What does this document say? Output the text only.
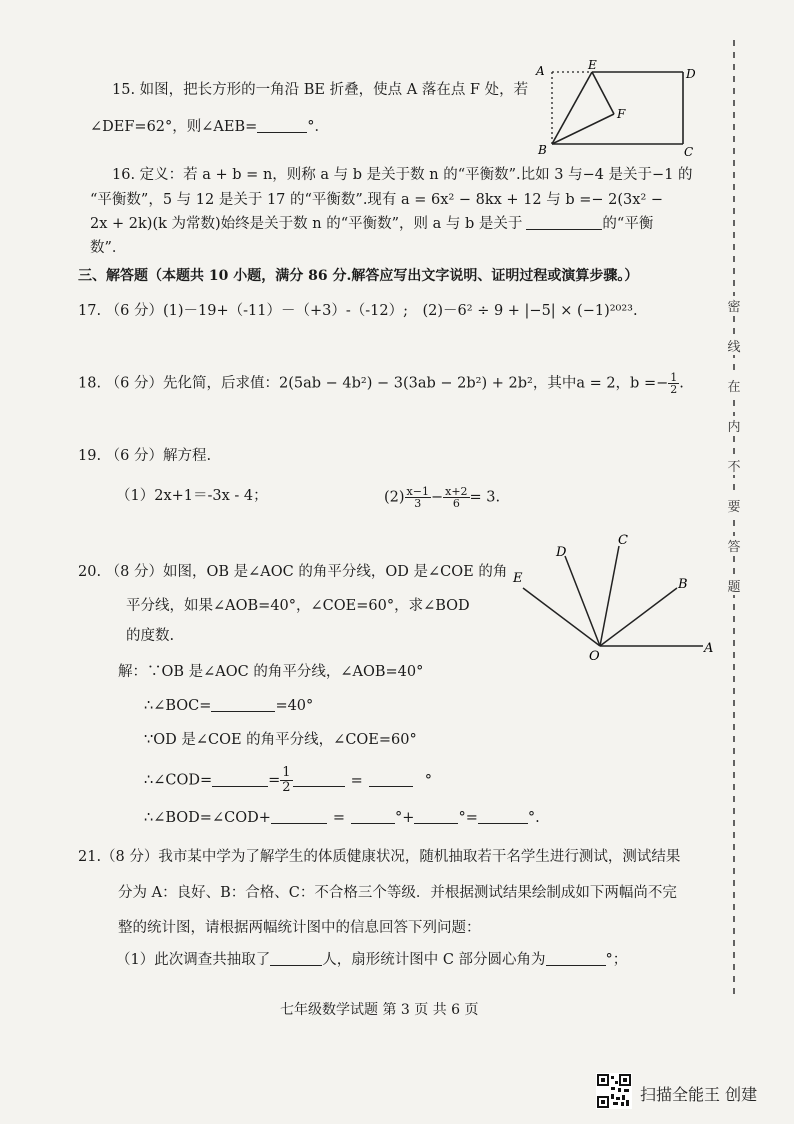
密
线
在
内
不
要
答
题
15. 如图，把长方形的一角沿 BE 折叠，使点 A 落在点 F 处，若
∠DEF=62°，则∠AEB=	°．
A	E
D
F
B	C
16. 定义：若 a + b = n，则称 a 与 b 是关于数 n 的“平衡数”.比如 3 与−4 是关于−1 的
“平衡数”，5 与 12 是关于 17 的“平衡数”.现有 a = 6x² − 8kx + 12 与 b =− 2(3x² −
2x + 2k)(k 为常数)始终是关于数 n 的“平衡数”，则 a 与 b 是关于	的“平衡
数”．
三、解答题（本题共 10 小题，满分 86 分.解答应写出文字说明、证明过程或演算步骤。）
17. （6 分）(1)－19+（-11）－（+3）-（-12）;　(2)－6² ÷ 9 + |−5| × (−1)²⁰²³.
18. （6 分）先化简，后求值：2(5ab − 4b²) − 3(3ab − 2b²) + 2b²，其中a = 2，$b =- \frac{1}{2}$ .
19. （6 分）解方程.
（1）2x+1＝-3x - 4；	$(2) \frac{x-1}{3} - \frac{x+2}{6} = 3$.
20. （8 分）如图，OB 是∠AOC 的角平分线，OD 是∠COE 的角
平分线，如果∠AOB=40°，∠COE=60°，求∠BOD
的度数.
O
A
B
C
D
E
解：∵OB 是∠AOC 的角平分线，∠AOB=40°
∴∠BOC=	=40°
∵OD 是∠COE 的角平分线，∠COE=60°
∴∠COD=	= $\frac{1}{2}$	=	°
∴∠BOD=∠COD+	=	°+	°=	°.
21.（8 分）我市某中学为了解学生的体质健康状况，随机抽取若干名学生进行测试，测试结果
分为 A：良好、B：合格、C：不合格三个等级．并根据测试结果绘制成如下两幅尚不完
整的统计图，请根据两幅统计图中的信息回答下列问题：
（1）此次调查共抽取了	人，扇形统计图中 C 部分圆心角为	°；
七年级数学试题 第 3 页 共 6 页
扫描全能王 创建
